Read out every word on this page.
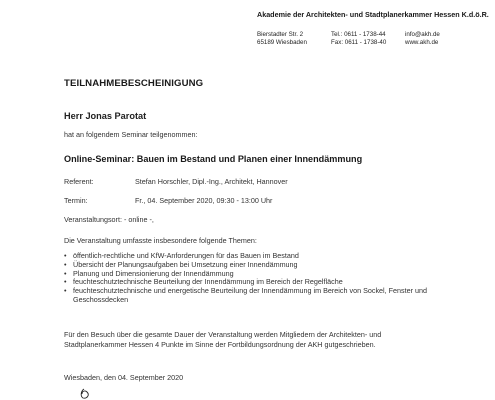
Akademie der Architekten- und Stadtplanerkammer Hessen K.d.ö.R.
Bierstadter Str. 2
65189 Wiesbaden
Tel.: 0611 - 1738-44
Fax: 0611 - 1738-40
info@akh.de
www.akh.de
TEILNAHMEBESCHEINIGUNG
Herr Jonas Parotat
hat an folgendem Seminar teilgenommen:
Online-Seminar: Bauen im Bestand und Planen einer Innendämmung
Referent:	Stefan Horschler, Dipl.-Ing., Architekt, Hannover
Termin:	Fr., 04. September 2020, 09:30 - 13:00 Uhr
Veranstaltungsort: - online -,
Die Veranstaltung umfasste insbesondere folgende Themen:
• öffentlich-rechtliche und KfW-Anforderungen für das Bauen im Bestand
• Übersicht der Planungsaufgaben bei Umsetzung einer Innendämmung
• Planung und Dimensionierung der Innendämmung
• feuchteschutztechnische Beurteilung der Innendämmung im Bereich der Regelfläche
• feuchteschutztechnische und energetische Beurteilung der Innendämmung im Bereich von Sockel, Fenster und Geschossdecken
Für den Besuch über die gesamte Dauer der Veranstaltung werden Mitgliedern der Architekten- und
Stadtplanerkammer Hessen 4 Punkte im Sinne der Fortbildungsordnung der AKH gutgeschrieben.
Wiesbaden, den 04. September 2020
